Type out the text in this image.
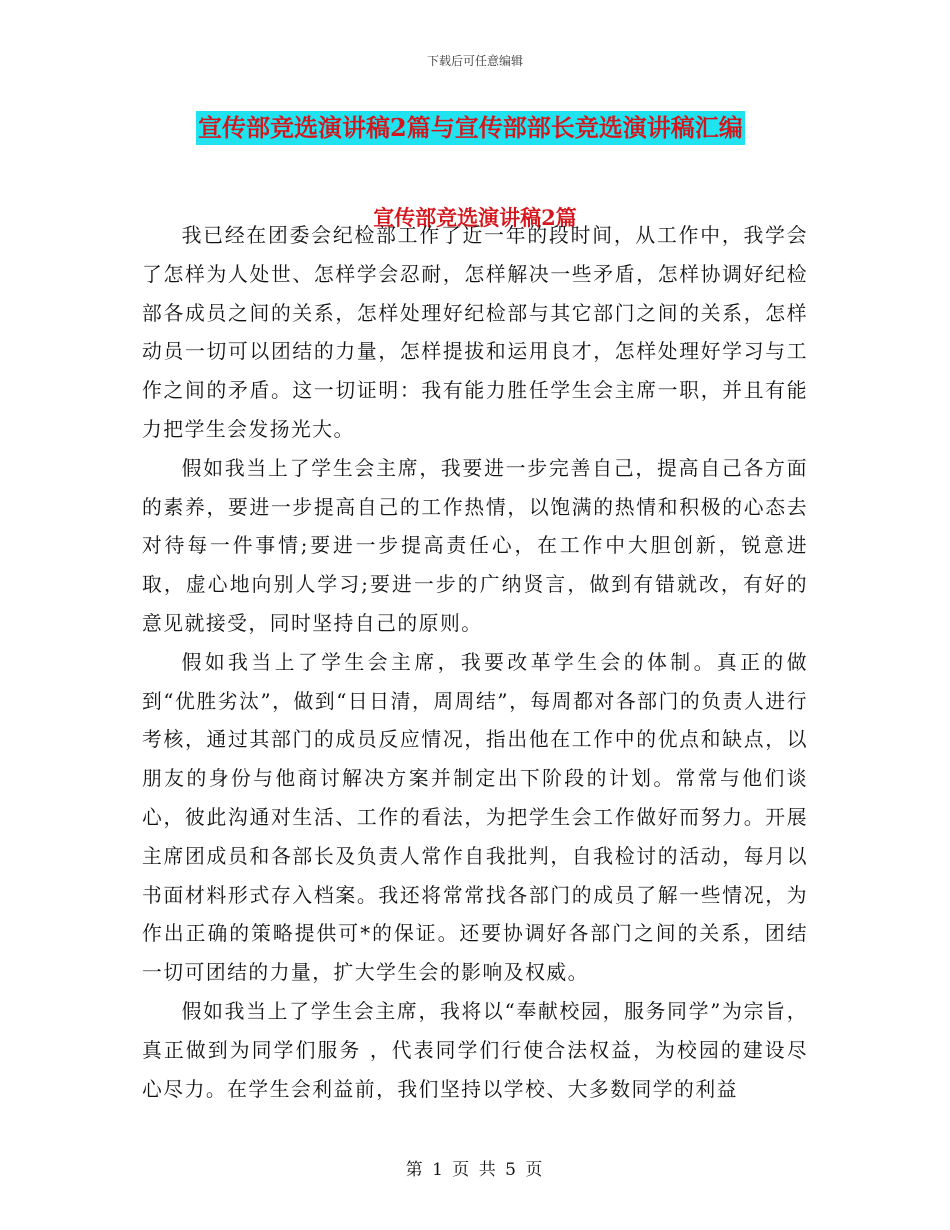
下载后可任意编辑
宣传部竞选演讲稿2篇与宣传部部长竞选演讲稿汇编
宣传部竞选演讲稿2篇

我已经在团委会纪检部工作了近一年的段时间，从工作中，我学会了怎样为人处世、怎样学会忍耐，怎样解决一些矛盾，怎样协调好纪检部各成员之间的关系，怎样处理好纪检部与其它部门之间的关系，怎样动员一切可以团结的力量，怎样提拔和运用良才，怎样处理好学习与工作之间的矛盾。这一切证明：我有能力胜任学生会主席一职，并且有能力把学生会发扬光大。

假如我当上了学生会主席，我要进一步完善自己，提高自己各方面的素养，要进一步提高自己的工作热情，以饱满的热情和积极的心态去对待每一件事情;要进一步提高责任心，在工作中大胆创新，锐意进取，虚心地向别人学习;要进一步的广纳贤言，做到有错就改，有好的意见就接受，同时坚持自己的原则。

假如我当上了学生会主席，我要改革学生会的体制。真正的做到“优胜劣汰”，做到“日日清，周周结”，每周都对各部门的负责人进行考核，通过其部门的成员反应情况，指出他在工作中的优点和缺点，以朋友的身份与他商讨解决方案并制定出下阶段的计划。常常与他们谈心，彼此沟通对生活、工作的看法，为把学生会工作做好而努力。开展主席团成员和各部长及负责人常作自我批判，自我检讨的活动，每月以书面材料形式存入档案。我还将常常找各部门的成员了解一些情况，为作出正确的策略提供可*的保证。还要协调好各部门之间的关系，团结一切可团结的力量，扩大学生会的影响及权威。

假如我当上了学生会主席，我将以“奉献校园，服务同学”为宗旨，真正做到为同学们服务 ，代表同学们行使合法权益，为校园的建设尽心尽力。在学生会利益前，我们坚持以学校、大多数同学的利益

第 1 页 共 5 页
